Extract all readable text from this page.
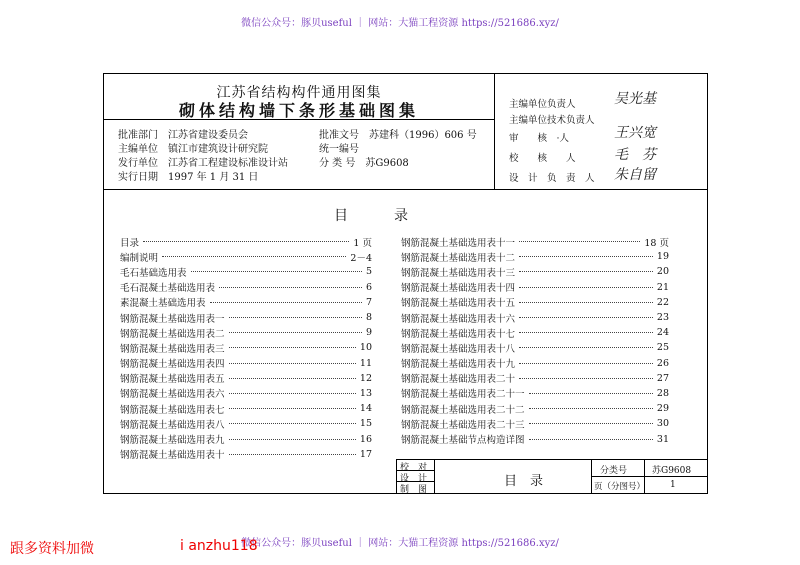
微信公众号：豚贝useful ｜ 网站：大猫工程资源 https://521686.xyz/
江苏省结构构件通用图集
砌体结构墙下条形基础图集
批准部门　 江苏省建设委员会	批准文号　 苏建科（1996）606 号
主编单位　 镇江市建筑设计研究院	统一编号　
发行单位　 江苏省工程建设标准设计站	分 类 号　 苏G9608
实行日期　 1997 年 1 月 31 日
主编单位负责人	吴光基
主编单位技术负责人
审　　核　·人	王兴宽
校　　核　　人	毛　芬
设　计　负　责　人 朱自留
目　录
目录	1 页
编制说明	2－4
毛石基础选用表	5
毛石混凝土基础选用表	6
素混凝土基础选用表	7
钢筋混凝土基础选用表一	8
钢筋混凝土基础选用表二	9
钢筋混凝土基础选用表三	10
钢筋混凝土基础选用表四	11
钢筋混凝土基础选用表五	12
钢筋混凝土基础选用表六	13
钢筋混凝土基础选用表七	14
钢筋混凝土基础选用表八	15
钢筋混凝土基础选用表九	16
钢筋混凝土基础选用表十	17
钢筋混凝土基础选用表十一	18 页
钢筋混凝土基础选用表十二	19
钢筋混凝土基础选用表十三	20
钢筋混凝土基础选用表十四	21
钢筋混凝土基础选用表十五	22
钢筋混凝土基础选用表十六	23
钢筋混凝土基础选用表十七	24
钢筋混凝土基础选用表十八	25
钢筋混凝土基础选用表十九	26
钢筋混凝土基础选用表二十	27
钢筋混凝土基础选用表二十一	28
钢筋混凝土基础选用表二十二	29
钢筋混凝土基础选用表二十三	30
钢筋混凝土基础节点构造详图	31
校　对
设　计
制　图
目　录
分类号	苏G9608
页（分图号）	1
微信公众号：豚贝useful ｜ 网站：大猫工程资源 https://521686.xyz/
跟多资料加微	i anzhu118
